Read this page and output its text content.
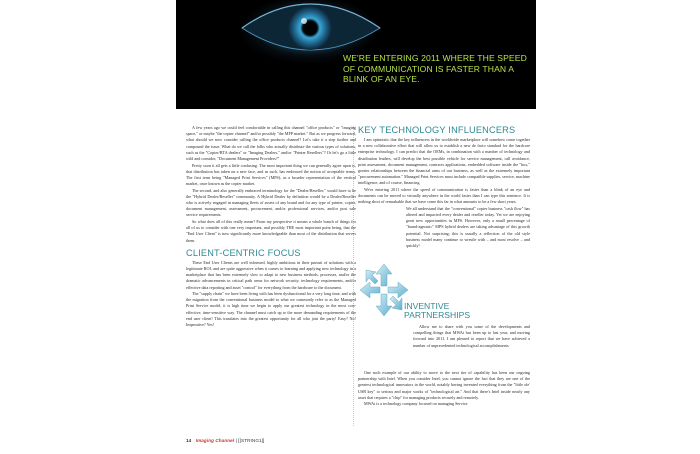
WE'RE ENTERING 2011 WHERE THE SPEED OF COMMUNICATION IS FASTER THAN A BLINK OF AN EYE.

A few years ago we could feel comfortable in calling this channel "office products" or "imaging space," or maybe "the copier channel" and/or possibly "the MFP market." But as we progress forward, what should we now consider calling the office products channel? Let's take it a step further and compound the issue. What do we call the folks who actually distribute the various types of solutions, such as the "Copier/BTA dealers" or "Imaging Dealers," and/or "Printer Resellers"? Or let's go a little wild and consider, "Document Management Providers?"

Pretty soon it all gets a little confusing. The most important thing we can generally agree upon is, that distribution has taken on a new face, and as such, has embraced the notion of acceptable terms. The first term being "Managed Print Services" (MPS), as a broader representation of the vertical market, once known as the copier market.

The second, and also generally embraced terminology for the "Dealer/Reseller," would have to be the "Hybrid Dealer/Reseller" community. A Hybrid Dealer by definition would be a Dealer/Reseller who is actively engaged in managing fleets of assets of any brand and for any type of printer, copier, document management, assessment, procurement, and/or professional services, and/or post sale service requirements.

So what does all of this really mean? From my perspective it means a whole bunch of things for all of us to consider with one very important, and possibly THE most important point being, that the "End User Client" is now significantly more knowledgeable than most of the distribution that serves them.

CLIENT-CENTRIC FOCUS

These End User Clients are well informed, highly ambitious in their pursuit of solutions with a legitimate ROI, and are quite aggressive when it comes to learning and applying new technology in a marketplace that has been extremely slow to adapt to new business methods, processes, and/or the dramatic advancements in critical path areas for network security, technology requirements, and/or effective data reporting and asset "control" for everything from the hardware to the document.

The "supply chain" we have been living with has been dysfunctional for a very long time, and with the migration from the conventional business model to what we commonly refer to as the Managed Print Service model, it is high time we begin to apply our greatest technology in the most cost-effective, time-sensitive way. The channel must catch up to the more demanding requirements of the end user client! This translates into the greatest opportunity for all who join the party! Easy? No! Imperative? Yes!

KEY TECHNOLOGY INFLUENCERS

I am optimistic that the key influencers in the worldwide marketplace will somehow come together in a new collaborative effort that will allow us to establish a new de facto standard for the hardcore enterprise technology. I can predict that the OEMs, in combination with a number of technology and distribution leaders, will develop the best possible vehicle for service management, call avoidance, print assessment, document management, contracts applications, embedded software inside the "box," greater relationships between the financial arms of our business, as well as the extremely important "procurement automation." Managed Print Services must include compatible supplies, service, machine intelligence, and of course, financing.

We're entering 2011 where the speed of communication is faster than a blink of an eye and documents can be moved to virtually anywhere in the world faster than I can type this sentence. It is nothing short of remarkable that we have come this far in what amounts to be a few short years.

We all understand that the "conventional" copier business "cash flow" has altered and impacted every dealer and reseller today. Yet we are enjoying great new opportunities in MPS. However, only a small percentage of "brand-agnostic" MPS hybrid dealers are taking advantage of this growth potential. Not surprising; this is usually a reflection of the old style business model many continue to wrestle with – and most resolve – and quickly!

INVENTIVE PARTNERSHIPS

Allow me to share with you some of the developments and compelling things that MWAi has been up to last year, and moving forward into 2011. I am pleased to report that we have achieved a number of unprecedented technological accomplishments.

One such example of our ability to move to the next tier of capability has been our ongoing partnership with Intel. When you consider Intel, you cannot ignore the fact that they are one of the greatest technological innovators in the world, notably having invented everything from the "little ole' USB key" to serious and major works of "technological art." And that there's Intel inside nearly any asset that requires a "chip" for managing products securely and remotely.

MWAi is a technology company focused on managing Service

14 Imaging Channel | [[STRING1]]
